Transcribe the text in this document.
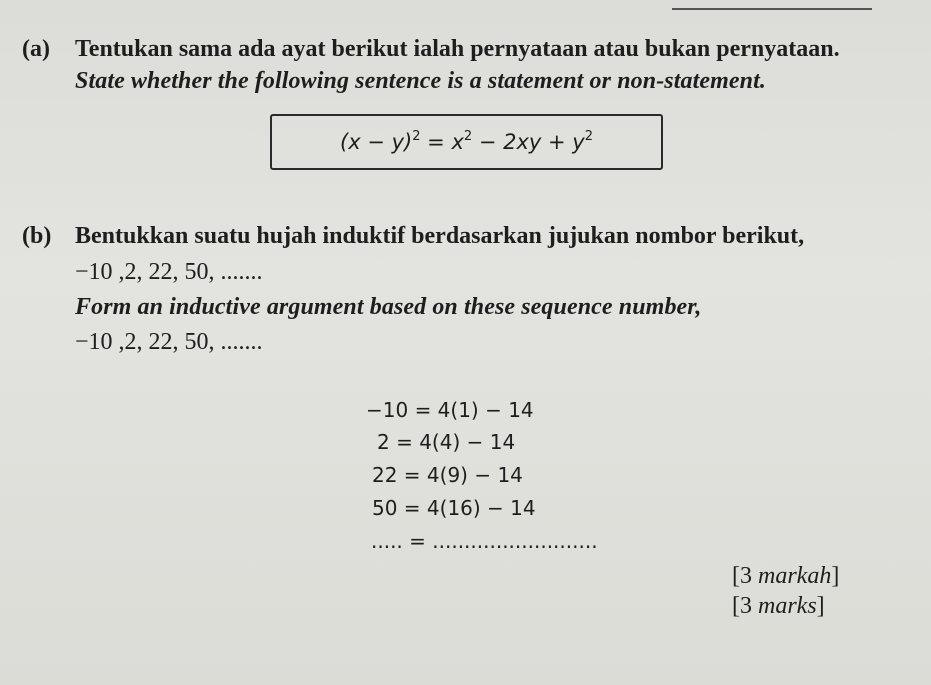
(a) Tentukan sama ada ayat berikut ialah pernyataan atau bukan pernyataan.
State whether the following sentence is a statement or non-statement.
$(x - y)^2 = x^2 - 2xy + y^2$
(b) Bentukkan suatu hujah induktif berdasarkan jujukan nombor berikut,
−10 ,2, 22, 50, .......
Form an inductive argument based on these sequence number,
−10 ,2, 22, 50, .......
−10 = 4(1) − 14
2 = 4(4) − 14
22 = 4(9) − 14
50 = 4(16) − 14
..... = ..........................
[3 markah]
[3 marks]
